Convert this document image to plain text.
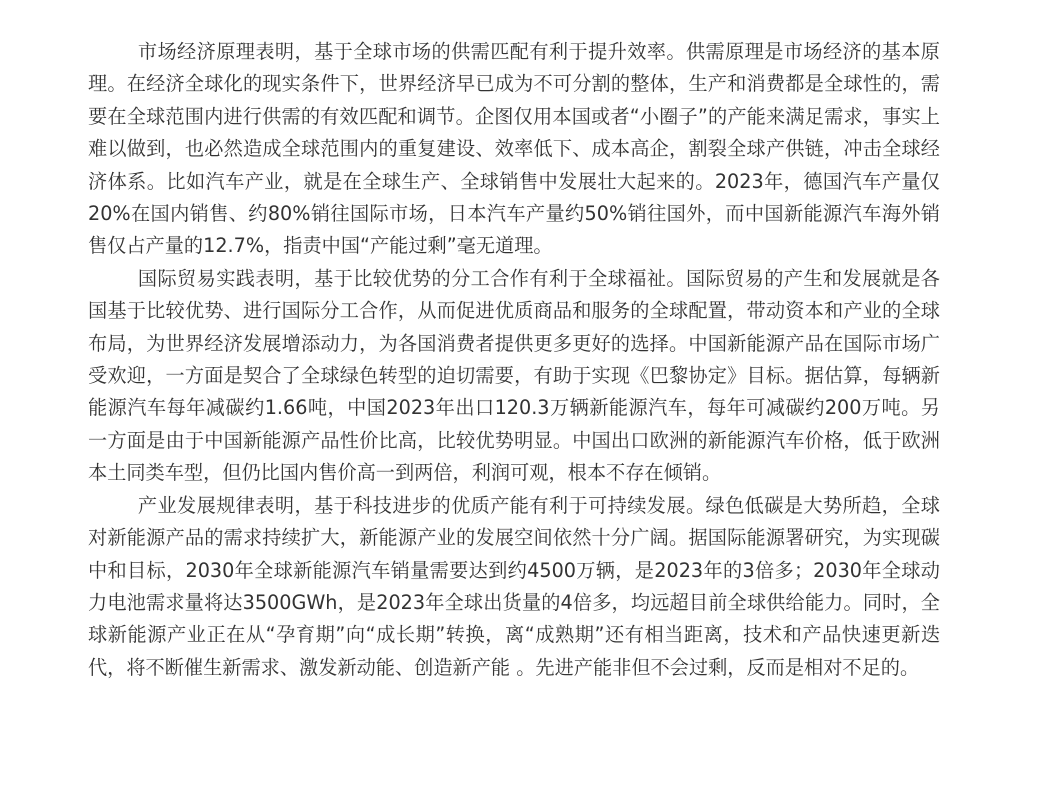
市场经济原理表明，基于全球市场的供需匹配有利于提升效率。供需原理是市场经济的基本原理。在经济全球化的现实条件下，世界经济早已成为不可分割的整体，生产和消费都是全球性的，需要在全球范围内进行供需的有效匹配和调节。企图仅用本国或者“小圈子”的产能来满足需求，事实上难以做到，也必然造成全球范围内的重复建设、效率低下、成本高企，割裂全球产供链，冲击全球经济体系。比如汽车产业，就是在全球生产、全球销售中发展壮大起来的。2023年，德国汽车产量仅20%在国内销售、约80%销往国际市场，日本汽车产量约50%销往国外，而中国新能源汽车海外销售仅占产量的12.7%，指责中国“产能过剩”毫无道理。

国际贸易实践表明，基于比较优势的分工合作有利于全球福祉。国际贸易的产生和发展就是各国基于比较优势、进行国际分工合作，从而促进优质商品和服务的全球配置，带动资本和产业的全球布局，为世界经济发展增添动力，为各国消费者提供更多更好的选择。中国新能源产品在国际市场广受欢迎，一方面是契合了全球绿色转型的迫切需要，有助于实现《巴黎协定》目标。据估算，每辆新能源汽车每年减碳约1.66吨，中国2023年出口120.3万辆新能源汽车，每年可减碳约200万吨。另一方面是由于中国新能源产品性价比高，比较优势明显。中国出口欧洲的新能源汽车价格，低于欧洲本土同类车型，但仍比国内售价高一到两倍，利润可观，根本不存在倾销。

产业发展规律表明，基于科技进步的优质产能有利于可持续发展。绿色低碳是大势所趋，全球对新能源产品的需求持续扩大，新能源产业的发展空间依然十分广阔。据国际能源署研究，为实现碳中和目标，2030年全球新能源汽车销量需要达到约4500万辆，是2023年的3倍多；2030年全球动力电池需求量将达3500GWh，是2023年全球出货量的4倍多，均远超目前全球供给能力。同时，全球新能源产业正在从“孕育期”向“成长期”转换，离“成熟期”还有相当距离，技术和产品快速更新迭代，将不断催生新需求、激发新动能、创造新产能 。先进产能非但不会过剩，反而是相对不足的。
